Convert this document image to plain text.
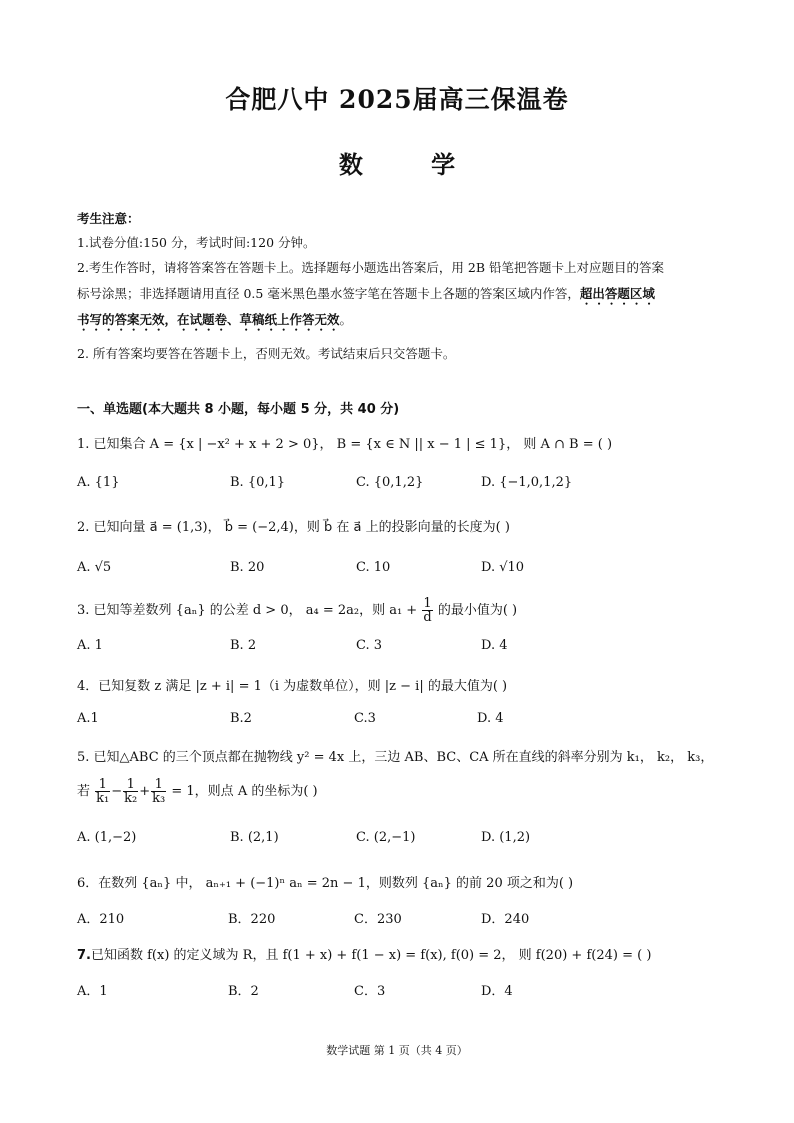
合肥八中 2025届高三保温卷
数	学
考生注意：
1.试卷分值:150 分，考试时间:120 分钟。
2.考生作答时，请将答案答在答题卡上。选择题每小题选出答案后，用 2B 铅笔把答题卡上对应题目的答案
标号涂黑；非选择题请用直径 0.5 毫米黑色墨水签字笔在答题卡上各题的答案区域内作答，超出答题区域
书写的答案无效，在试题卷、草稿纸上作答无效。
2. 所有答案均要答在答题卡上，否则无效。考试结束后只交答题卡。
一、单选题(本大题共 8 小题，每小题 5 分，共 40 分)
1. 已知集合 A = {x | −x² + x + 2 > 0}， B = {x ∈ N || x − 1 | ≤ 1}， 则 A ∩ B = ( )
A. {1}	B. {0,1}	C. {0,1,2}	D. {−1,0,1,2}
2. 已知向量 a⃗ = (1,3)， b⃗ = (−2,4)，则 b⃗ 在 a⃗ 上的投影向量的长度为( )
A. √5	B. 20	C. 10	D. √10
3. 已知等差数列 {aₙ} 的公差 d > 0， a₄ = 2a₂，则 $a_1 + \frac{1}{d}$ 的最小值为( )
A. 1	B. 2	C. 3	D. 4
4．已知复数 z 满足 |z + i| = 1（i 为虚数单位），则 |z − i| 的最大值为( )
A.1	B.2	C.3	D. 4
5. 已知△ABC 的三个顶点都在抛物线 y² = 4x 上，三边 AB、BC、CA 所在直线的斜率分别为 k₁， k₂， k₃，
若 $\frac{1}{\text{k₁}} - \frac{1}{\text{k₂}} + \frac{1}{\text{k₃}} = 1$，则点 A 的坐标为( )
A. (1,−2)	B. (2,1)	C. (2,−1)	D. (1,2)
6．在数列 {aₙ} 中， aₙ₊₁ + (−1)ⁿ aₙ = 2n − 1，则数列 {aₙ} 的前 20 项之和为( )
A．210	B．220	C．230	D．240
7.已知函数 f(x) 的定义域为 R，且 f(1 + x) + f(1 − x) = f(x), f(0) = 2， 则 f(20) + f(24) = ( )
A．1	B．2	C．3	D．4
数学试题 第 1 页（共 4 页）
